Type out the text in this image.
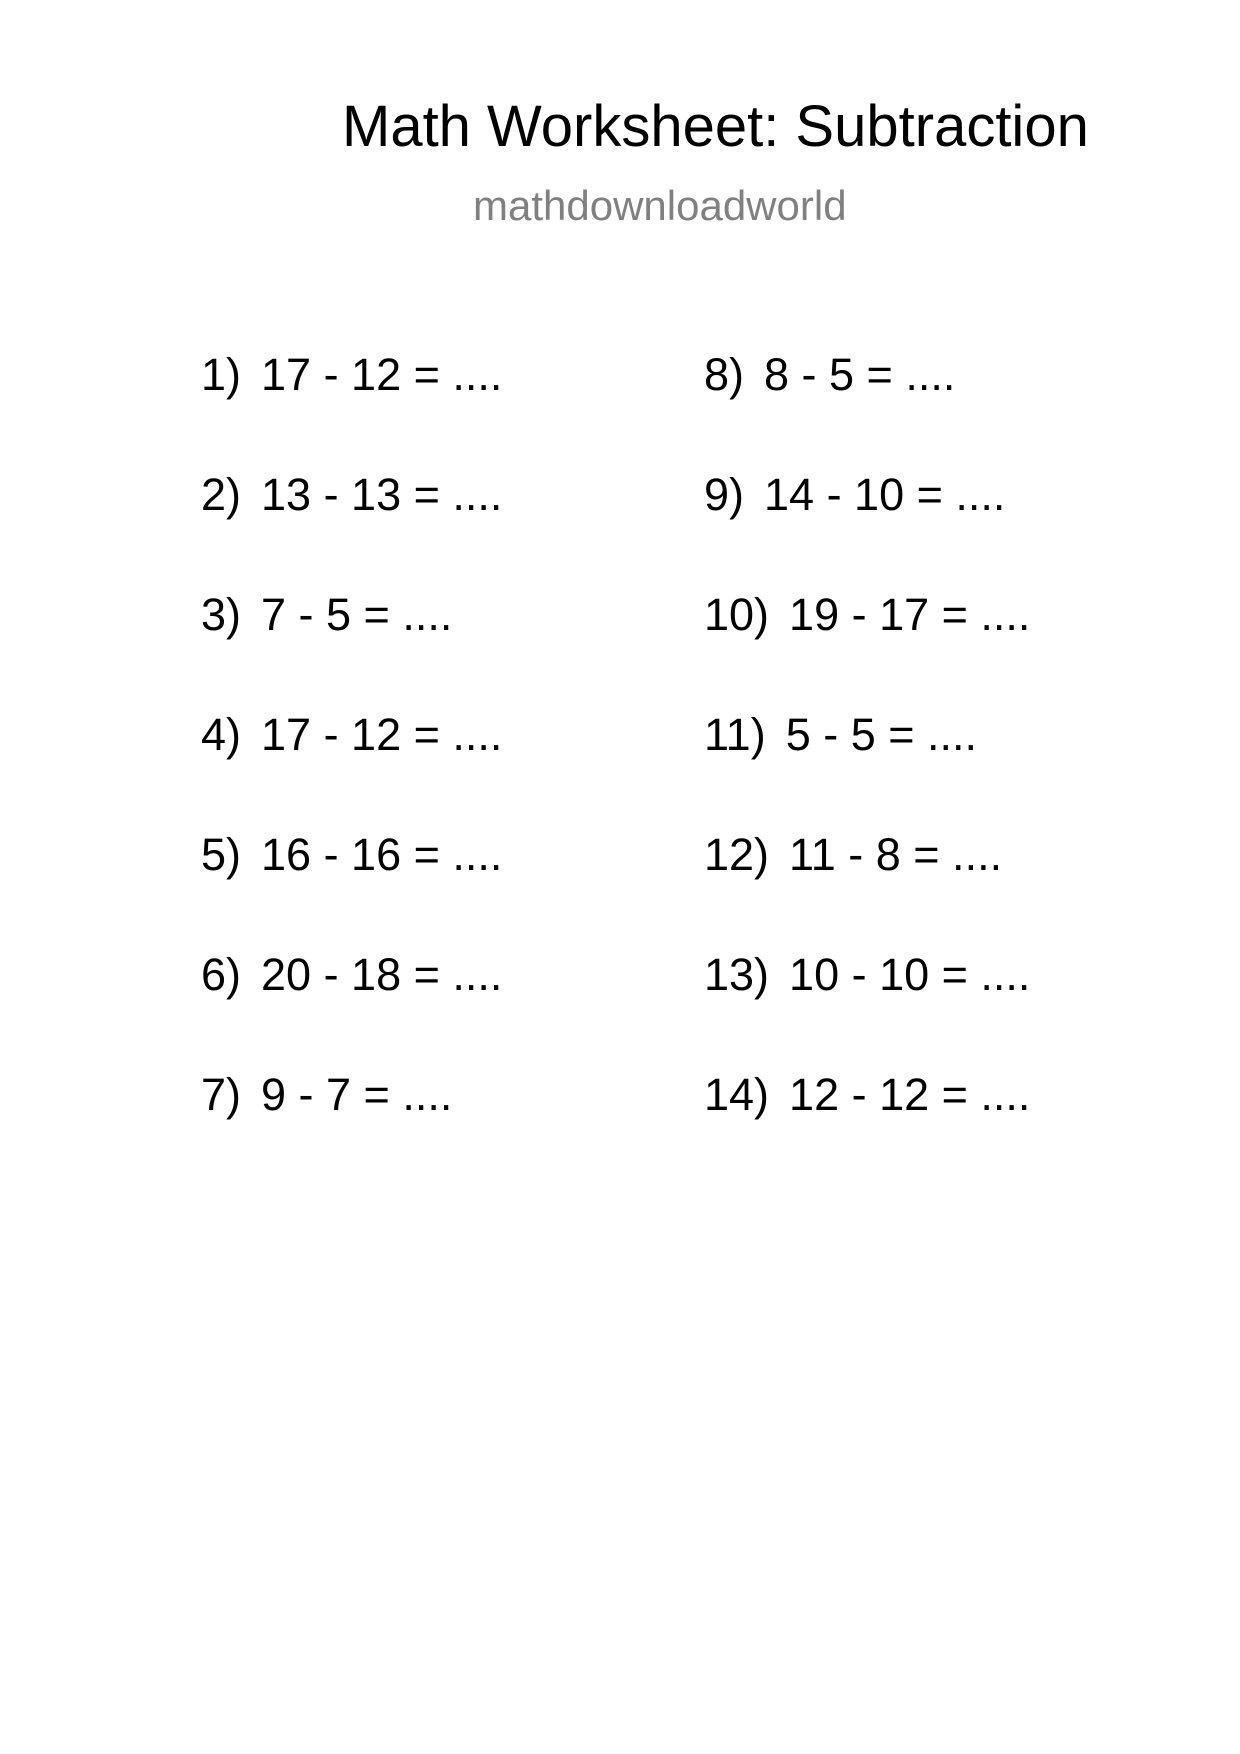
Math Worksheet: Subtraction
mathdownloadworld
1) 17 - 12 = ....
2) 13 - 13 = ....
3) 7 - 5 = ....
4) 17 - 12 = ....
5) 16 - 16 = ....
6) 20 - 18 = ....
7) 9 - 7 = ....
8) 8 - 5 = ....
9) 14 - 10 = ....
10) 19 - 17 = ....
11) 5 - 5 = ....
12) 11 - 8 = ....
13) 10 - 10 = ....
14) 12 - 12 = ....
